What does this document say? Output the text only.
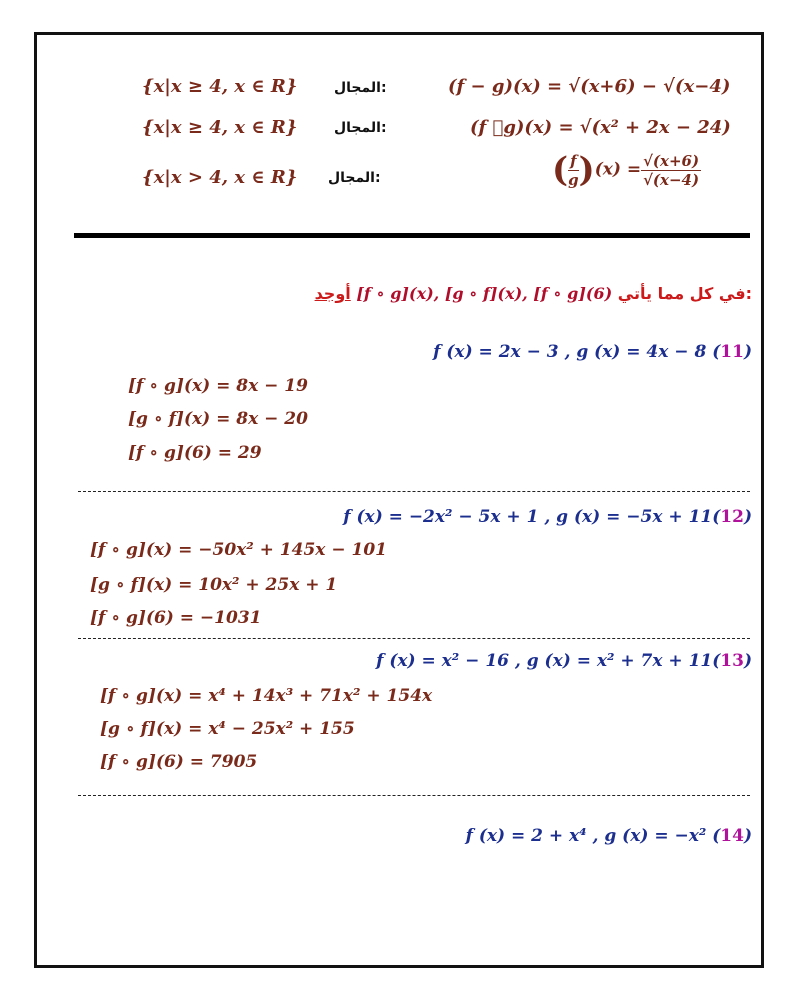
{x|x ≥ 4, x ∈ R}	المجال:	(f − g)(x) = √(x+6) − √(x−4)
{x|x ≥ 4, x ∈ R}	المجال:	(f ⃞g)(x) = √(x² + 2x − 24)
{x|x > 4, x ∈ R} المجال:	( $\frac{f}{g} )(x) = \frac{√(x+6)}{√(x-4)}$
أوجد [f ∘ g](x), [g ∘ f](x), [f ∘ g](6) في كل مما يأتي:
f (x) = 2x − 3 , g (x) = 4x − 8 (11)
[f ∘ g](x) = 8x − 19
[g ∘ f](x) = 8x − 20
[f ∘ g](6) = 29
f (x) = −2x² − 5x + 1 , g (x) = −5x + 11(12)
[f ∘ g](x) = −50x² + 145x − 101
[g ∘ f](x) = 10x² + 25x + 1
[f ∘ g](6) = −1031
f (x) = x² − 16 , g (x) = x² + 7x + 11(13)
[f ∘ g](x) = x⁴ + 14x³ + 71x² + 154x
[g ∘ f](x) = x⁴ − 25x² + 155
[f ∘ g](6) = 7905
f (x) = 2 + x⁴ , g (x) = −x² (14)
